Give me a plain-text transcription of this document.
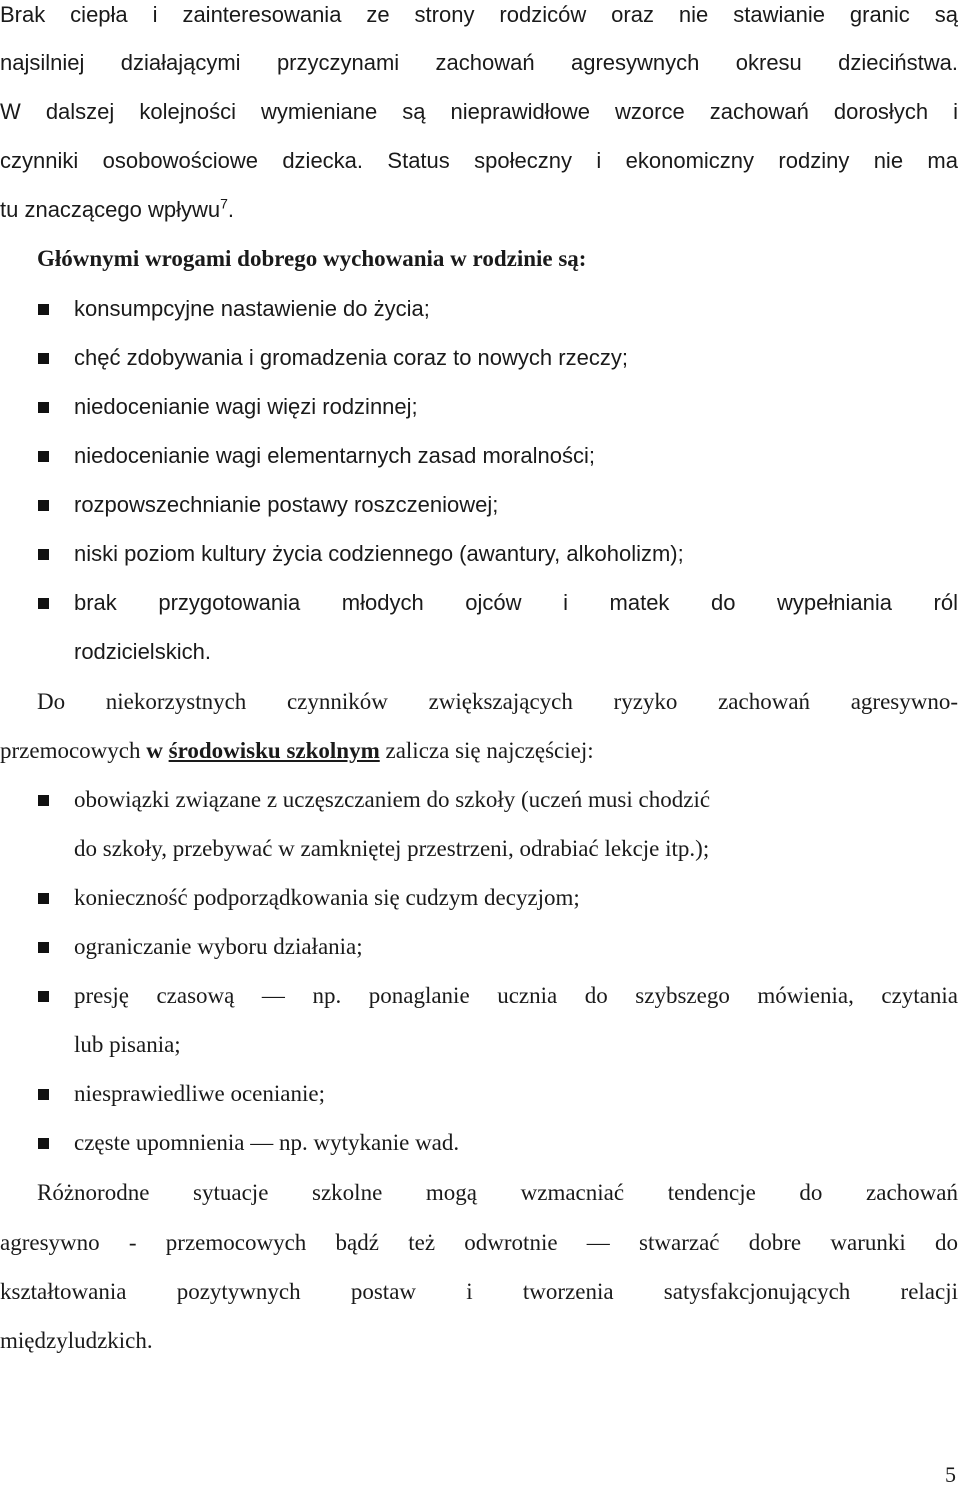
Brak ciepła i zainteresowania ze strony rodziców oraz nie stawianie granic są
najsilniej działającymi przyczynami zachowań agresywnych okresu dzieciństwa.
W dalszej kolejności wymieniane są nieprawidłowe wzorce zachowań dorosłych i
czynniki osobowościowe dziecka. Status społeczny i ekonomiczny rodziny nie ma
tu znaczącego wpływu$^7$.
Głównymi wrogami dobrego wychowania w rodzinie są:
konsumpcyjne nastawienie do życia;
chęć zdobywania i gromadzenia coraz to nowych rzeczy;
niedocenianie wagi więzi rodzinnej;
niedocenianie wagi elementarnych zasad moralności;
rozpowszechnianie postawy roszczeniowej;
niski poziom kultury życia codziennego (awantury, alkoholizm);
brak przygotowania młodych ojców i matek do wypełniania ról
rodzicielskich.
Do niekorzystnych czynników zwiększających ryzyko zachowań agresywno-
przemocowych w środowisku szkolnym zalicza się najczęściej:
obowiązki związane z uczęszczaniem do szkoły (uczeń musi chodzić
do szkoły, przebywać w zamkniętej przestrzeni, odrabiać lekcje itp.);
konieczność podporządkowania się cudzym decyzjom;
ograniczanie wyboru działania;
presję czasową — np. ponaglanie ucznia do szybszego mówienia, czytania
lub pisania;
niesprawiedliwe ocenianie;
częste upomnienia — np. wytykanie wad.
Różnorodne sytuacje szkolne mogą wzmacniać tendencje do zachowań
agresywno - przemocowych bądź też odwrotnie — stwarzać dobre warunki do
kształtowania pozytywnych postaw i tworzenia satysfakcjonujących relacji
międzyludzkich.
5
